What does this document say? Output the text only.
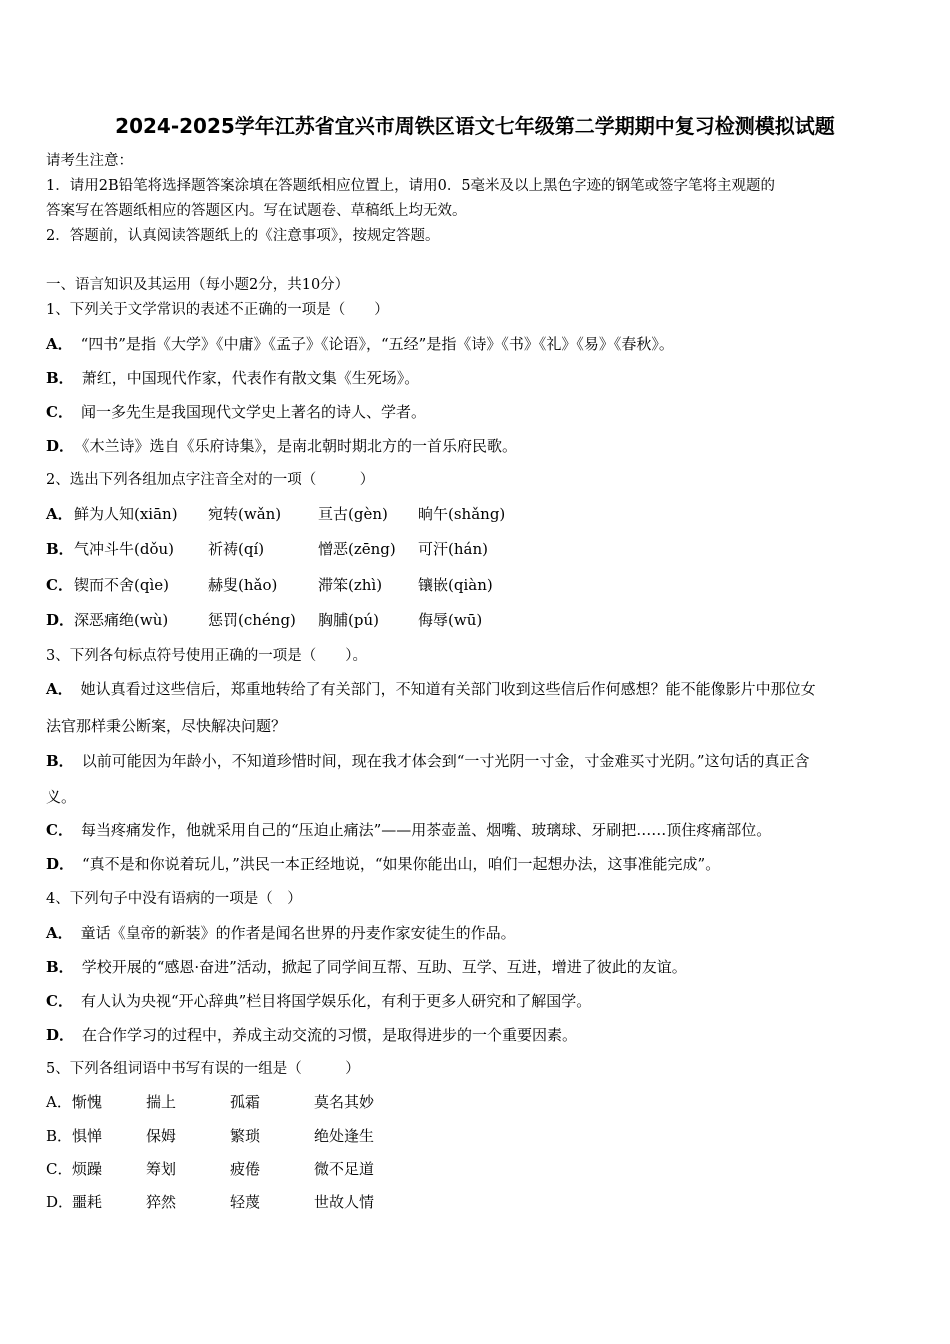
2024-2025学年江苏省宜兴市周铁区语文七年级第二学期期中复习检测模拟试题
请考生注意：
1．请用2B铅笔将选择题答案涂填在答题纸相应位置上，请用0．5毫米及以上黑色字迹的钢笔或签字笔将主观题的
答案写在答题纸相应的答题区内。写在试题卷、草稿纸上均无效。
2．答题前，认真阅读答题纸上的《注意事项》，按规定答题。
一、语言知识及其运用（每小题2分，共10分）
1、下列关于文学常识的表述不正确的一项是（　　）
A． “四书”是指《大学》《中庸》《孟子》《论语》，“五经”是指《诗》《书》《礼》《易》《春秋》。
B． 萧红，中国现代作家，代表作有散文集《生死场》。
C． 闻一多先生是我国现代文学史上著名的诗人、学者。
D． 《木兰诗》选自《乐府诗集》，是南北朝时期北方的一首乐府民歌。
2、选出下列各组加点字注音全对的一项（　　　）
A． 鲜为人知(xiān) 宛转(wǎn) 亘古(gèn) 晌午(shǎng)
B． 气冲斗牛(dǒu) 祈祷(qí)	憎恶(zēng) 可汗(hán)
C． 锲而不舍(qìe)	赫叟(hǎo)	滞笨(zhì) 镶嵌(qiàn)
D． 深恶痛绝(wù)	惩罚(chéng) 胸脯(pú)	侮辱(wū)
3、下列各句标点符号使用正确的一项是（　　）。
A． 她认真看过这些信后，郑重地转给了有关部门，不知道有关部门收到这些信后作何感想？能不能像影片中那位女
法官那样秉公断案，尽快解决问题？
B． 以前可能因为年龄小，不知道珍惜时间，现在我才体会到“一寸光阴一寸金，寸金难买寸光阴。”这句话的真正含
义。
C． 每当疼痛发作，他就采用自己的“压迫止痛法”——用茶壶盖、烟嘴、玻璃球、牙刷把……顶住疼痛部位。
D． “真不是和你说着玩儿，”洪民一本正经地说，“如果你能出山，咱们一起想办法，这事准能完成”。
4、下列句子中没有语病的一项是（　）
A． 童话《皇帝的新装》的作者是闻名世界的丹麦作家安徒生的作品。
B． 学校开展的“感恩·奋进”活动，掀起了同学间互帮、互助、互学、互进，增进了彼此的友谊。
C． 有人认为央视“开心辞典”栏目将国学娱乐化，有利于更多人研究和了解国学。
D． 在合作学习的过程中，养成主动交流的习惯，是取得进步的一个重要因素。
5、下列各组词语中书写有误的一组是（　　　）
A． 惭愧	揣上	孤霜	莫名其妙
B． 惧惮	保姆	繁琐	绝处逢生
C． 烦躁	筹划	疲倦	微不足道
D．
噩耗	猝然	轻蔑	世故人情
